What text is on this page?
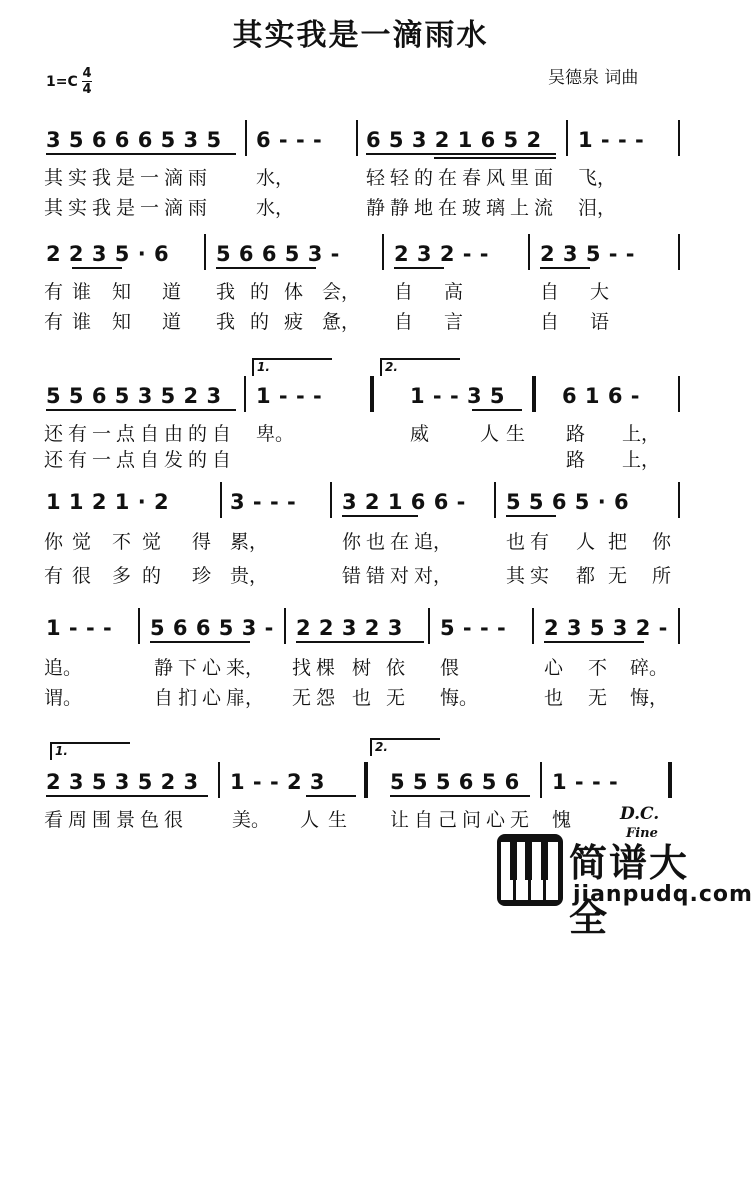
其实我是一滴雨水
吴德泉 词曲
1=C
4
4
3 5 6 6 6 5 3 5 6 - - - 6 5 3 2 1 6 5 2 1 - - -

其

实

我

是

一

滴

雨

	水，

	轻

轻

的

在

春

风

里

面

飞，

其

实

我

是

一

滴

雨

	水，

	静

静

地

在

玻

璃

上

流

泪，

2 2 3 5 · 6 5 6 6 5 3 -	2 3 2 - - 2 3 5 - -

有

谁

知

道

我

的

体

会，

自

高

	自

大

有

谁

知

道

我

的

疲

惫，

自

言

	自

语

1.	2.
5 5 6 5 3 5 2 3 1 - - -	1 - - 3 5	6 1 6 -

还

有

一

点

自

由

的

自

卑。

	威

	人

生

路

上，

还

有

一

点

自

发

的

自

	路

上，

1 1 2 1 · 2	3 - - - 3 2 1 6 6 - 5 5 6 5 · 6

你

觉

不

觉

得

累，

	你

也

在

追，

	也

有

人

把

你

有

很

多

的

珍

贵，

	错

错

对

对，

	其

实

都

无

所

1 - - - 5 6 6 5 3 - 2 2 3 2 3 5 - - - 2 3 5 3 2 -

追。

	静

下

心

来，

找

棵

树

依

偎

	心

不

碎。

谓。

	自

扪

心

扉，

无

怨

也

无

悔。

	也

无

悔，

1.	2.
2 3 5 3 5 2 3 1 - - 2 3	5 5 5 6 5 6 1 - - -

看

周

围

景

色

很

	美。

人

生

让

自

己

问

心

无

愧

	D.C.
Fine
简谱大全
jianpudq.com
